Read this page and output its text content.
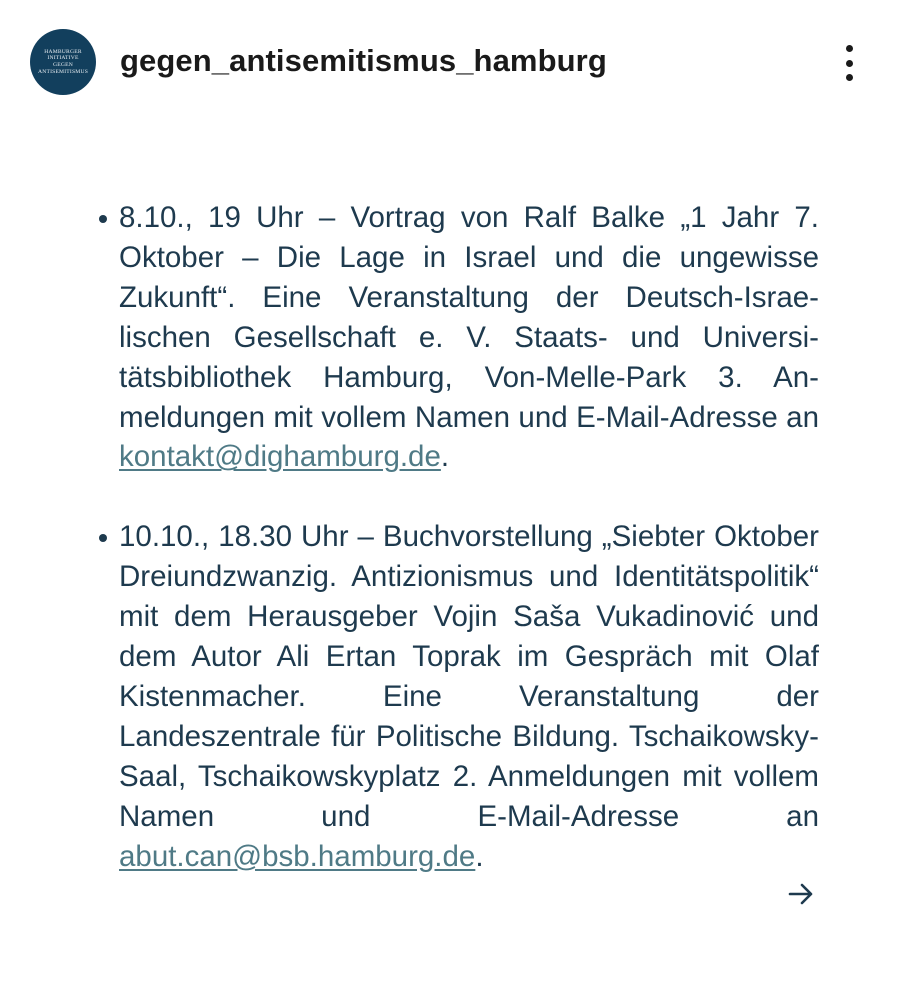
HAMBURGER
INITIATIVE
GEGEN
ANTISEMITISMUS gegen_antisemitismus_hamburg
8.10., 19 Uhr – Vortrag von Ralf Balke „1 Jahr 7. Oktober – Die Lage in Israel und die ungewisse Zukunft“. Eine Veranstaltung der Deutsch-Israelischen Gesellschaft e. V. Staats- und Universitätsbibliothek Hamburg, Von-Melle-Park 3. Anmeldungen mit vollem Namen und E-Mail-Adresse an kontakt@dighamburg.de.
10.10., 18.30 Uhr – Buchvorstellung „Siebter Oktober Dreiundzwanzig. Antizionismus und Identitätspolitik“ mit dem Herausgeber Vojin Saša Vukadinović und dem Autor Ali Ertan Toprak im Gespräch mit Olaf Kistenmacher. Eine Veranstaltung der Landeszentrale für Politische Bildung. Tschaikowsky-Saal, Tschaikowskyplatz 2. Anmeldungen mit vollem Namen und E-Mail-Adresse an abut.can@bsb.hamburg.de.
